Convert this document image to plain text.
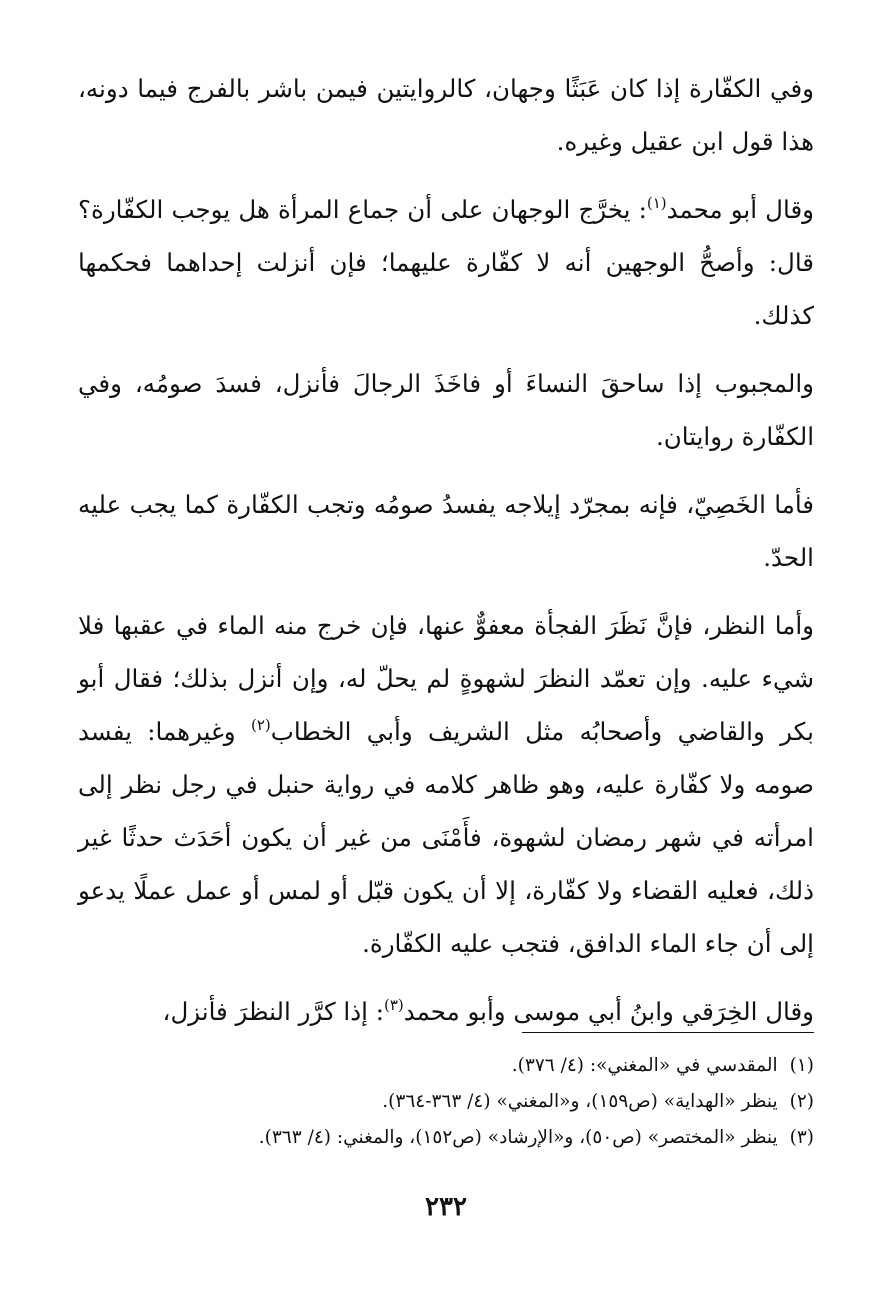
وفي الكفّارة إذا كان عَبَثًا وجهان، كالروايتين فيمن باشر بالفرج فيما دونه، هذا قول ابن عقيل وغيره.

وقال أبو محمد$^{(١)}$: يخرَّج الوجهان على أن جماع المرأة هل يوجب الكفّارة؟ قال: وأصحُّ الوجهين أنه لا كفّارة عليهما؛ فإن أنزلت إحداهما فحكمها كذلك.

والمجبوب إذا ساحقَ النساءَ أو فاخَذَ الرجالَ فأنزل، فسدَ صومُه، وفي الكفّارة روايتان.

فأما الخَصِيّ، فإنه بمجرّد إيلاجه يفسدُ صومُه وتجب الكفّارة كما يجب عليه الحدّ.

وأما النظر، فإنَّ نَظَرَ الفجأة معفوٌّ عنها، فإن خرج منه الماء في عقبها فلا شيء عليه. وإن تعمّد النظرَ لشهوةٍ لم يحلّ له، وإن أنزل بذلك؛ فقال أبو بكر والقاضي وأصحابُه مثل الشريف وأبي الخطاب$^{(٢)}$ وغيرهما: يفسد صومه ولا كفّارة عليه، وهو ظاهر كلامه في رواية حنبل في رجل نظر إلى امرأته في شهر رمضان لشهوة، فأَمْنَى من غير أن يكون أحَدَث حدثًا غير ذلك، فعليه القضاء ولا كفّارة، إلا أن يكون قبّل أو لمس أو عمل عملًا يدعو إلى أن جاء الماء الدافق، فتجب عليه الكفّارة.

وقال الخِرَقي وابنُ أبي موسى وأبو محمد$^{(٣)}$: إذا كرَّر النظرَ فأنزل،

(١)المقدسي في «المغني»: (٤/ ٣٧٦).
(٢)ينظر «الهداية» (ص١٥٩)، و«المغني» (٤/ ٣٦٣-٣٦٤).
(٣)ينظر «المختصر» (ص٥٠)، و«الإرشاد» (ص١٥٢)، والمغني: (٤/ ٣٦٣).
٢٣٢
